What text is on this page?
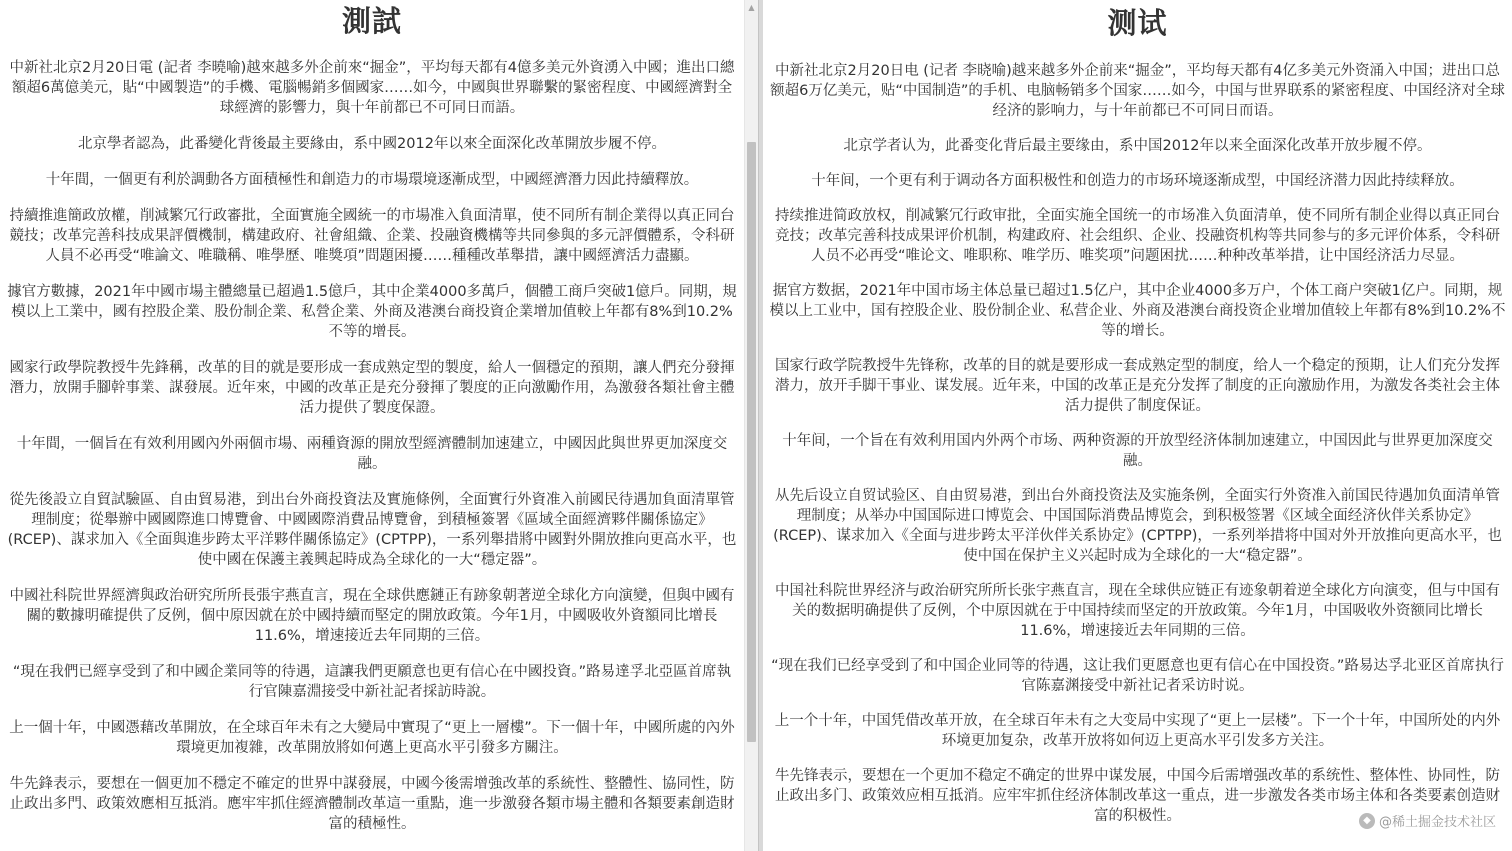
測試

中新社北京2月20日電 (記者 李曉喻)越來越多外企前來“掘金”，平均每天都有4億多美元外資湧入中國；進出口總額超6萬億美元，貼“中國製造”的手機、電腦暢銷多個國家……如今，中國與世界聯繫的緊密程度、中國經濟對全球經濟的影響力，與十年前都已不可同日而語。

北京學者認為，此番變化背後最主要緣由，系中國2012年以來全面深化改革開放步履不停。

十年間，一個更有利於調動各方面積極性和創造力的市場環境逐漸成型，中國經濟潛力因此持續釋放。

持續推進簡政放權，削減繁冗行政審批，全面實施全國統一的市場准入負面清單，使不同所有制企業得以真正同台競技；改革完善科技成果評價機制，構建政府、社會組織、企業、投融資機構等共同參與的多元評價體系，令科研人員不必再受“唯論文、唯職稱、唯學歷、唯獎項”問題困擾……種種改革舉措，讓中國經濟活力盡顯。

據官方數據，2021年中國市場主體總量已超過1.5億戶，其中企業4000多萬戶，個體工商戶突破1億戶。同期，規模以上工業中，國有控股企業、股份制企業、私營企業、外商及港澳台商投資企業增加值較上年都有8%到10.2%不等的增長。

國家行政學院教授牛先鋒稱，改革的目的就是要形成一套成熟定型的製度，給人一個穩定的預期，讓人們充分發揮潛力，放開手腳幹事業、謀發展。近年來，中國的改革正是充分發揮了製度的正向激勵作用，為激發各類社會主體活力提供了製度保證。

十年間，一個旨在有效利用國內外兩個市場、兩種資源的開放型經濟體制加速建立，中國因此與世界更加深度交融。

從先後設立自貿試驗區、自由貿易港，到出台外商投資法及實施條例，全面實行外資准入前國民待遇加負面清單管理制度；從舉辦中國國際進口博覽會、中國國際消費品博覽會，到積極簽署《區域全面經濟夥伴關係協定》(RCEP)、謀求加入《全面與進步跨太平洋夥伴關係協定》(CPTPP)，一系列舉措將中國對外開放推向更高水平，也使中國在保護主義興起時成為全球化的一大“穩定器”。

中國社科院世界經濟與政治研究所所長張宇燕直言，現在全球供應鏈正有跡象朝著逆全球化方向演變，但與中國有關的數據明確提供了反例，個中原因就在於中國持續而堅定的開放政策。今年1月，中國吸收外資額同比增長11.6%，增速接近去年同期的三倍。

“現在我們已經享受到了和中國企業同等的待遇，這讓我們更願意也更有信心在中國投資。”路易達孚北亞區首席執行官陳嘉淵接受中新社記者採訪時說。

上一個十年，中國憑藉改革開放，在全球百年未有之大變局中實現了“更上一層樓”。下一個十年，中國所處的內外環境更加複雜，改革開放將如何邁上更高水平引發多方關注。

牛先鋒表示，要想在一個更加不穩定不確定的世界中謀發展，中國今後需增強改革的系統性、整體性、協同性，防止政出多門、政策效應相互抵消。應牢牢抓住經濟體制改革這一重點，進一步激發各類市場主體和各類要素創造財富的積極性。

▲	测试

中新社北京2月20日电 (记者 李晓喻)越来越多外企前来“掘金”，平均每天都有4亿多美元外资涌入中国；进出口总额超6万亿美元，贴“中国制造”的手机、电脑畅销多个国家……如今，中国与世界联系的紧密程度、中国经济对全球经济的影响力，与十年前都已不可同日而语。

北京学者认为，此番变化背后最主要缘由，系中国2012年以来全面深化改革开放步履不停。

十年间，一个更有利于调动各方面积极性和创造力的市场环境逐渐成型，中国经济潜力因此持续释放。

持续推进简政放权，削减繁冗行政审批，全面实施全国统一的市场准入负面清单，使不同所有制企业得以真正同台竞技；改革完善科技成果评价机制，构建政府、社会组织、企业、投融资机构等共同参与的多元评价体系，令科研人员不必再受“唯论文、唯职称、唯学历、唯奖项”问题困扰……种种改革举措，让中国经济活力尽显。

据官方数据，2021年中国市场主体总量已超过1.5亿户，其中企业4000多万户，个体工商户突破1亿户。同期，规模以上工业中，国有控股企业、股份制企业、私营企业、外商及港澳台商投资企业增加值较上年都有8%到10.2%不等的增长。

国家行政学院教授牛先锋称，改革的目的就是要形成一套成熟定型的制度，给人一个稳定的预期，让人们充分发挥潜力，放开手脚干事业、谋发展。近年来，中国的改革正是充分发挥了制度的正向激励作用，为激发各类社会主体活力提供了制度保证。

十年间，一个旨在有效利用国内外两个市场、两种资源的开放型经济体制加速建立，中国因此与世界更加深度交融。

从先后设立自贸试验区、自由贸易港，到出台外商投资法及实施条例，全面实行外资准入前国民待遇加负面清单管理制度；从举办中国国际进口博览会、中国国际消费品博览会，到积极签署《区域全面经济伙伴关系协定》(RCEP)、谋求加入《全面与进步跨太平洋伙伴关系协定》(CPTPP)，一系列举措将中国对外开放推向更高水平，也使中国在保护主义兴起时成为全球化的一大“稳定器”。

中国社科院世界经济与政治研究所所长张宇燕直言，现在全球供应链正有迹象朝着逆全球化方向演变，但与中国有关的数据明确提供了反例，个中原因就在于中国持续而坚定的开放政策。今年1月，中国吸收外资额同比增长11.6%，增速接近去年同期的三倍。

“现在我们已经享受到了和中国企业同等的待遇，这让我们更愿意也更有信心在中国投资。”路易达孚北亚区首席执行官陈嘉渊接受中新社记者采访时说。

上一个十年，中国凭借改革开放，在全球百年未有之大变局中实现了“更上一层楼”。下一个十年，中国所处的内外环境更加复杂，改革开放将如何迈上更高水平引发多方关注。

牛先锋表示，要想在一个更加不稳定不确定的世界中谋发展，中国今后需增强改革的系统性、整体性、协同性，防止政出多门、政策效应相互抵消。应牢牢抓住经济体制改革这一重点，进一步激发各类市场主体和各类要素创造财富的积极性。	◆ @稀土掘金技术社区
